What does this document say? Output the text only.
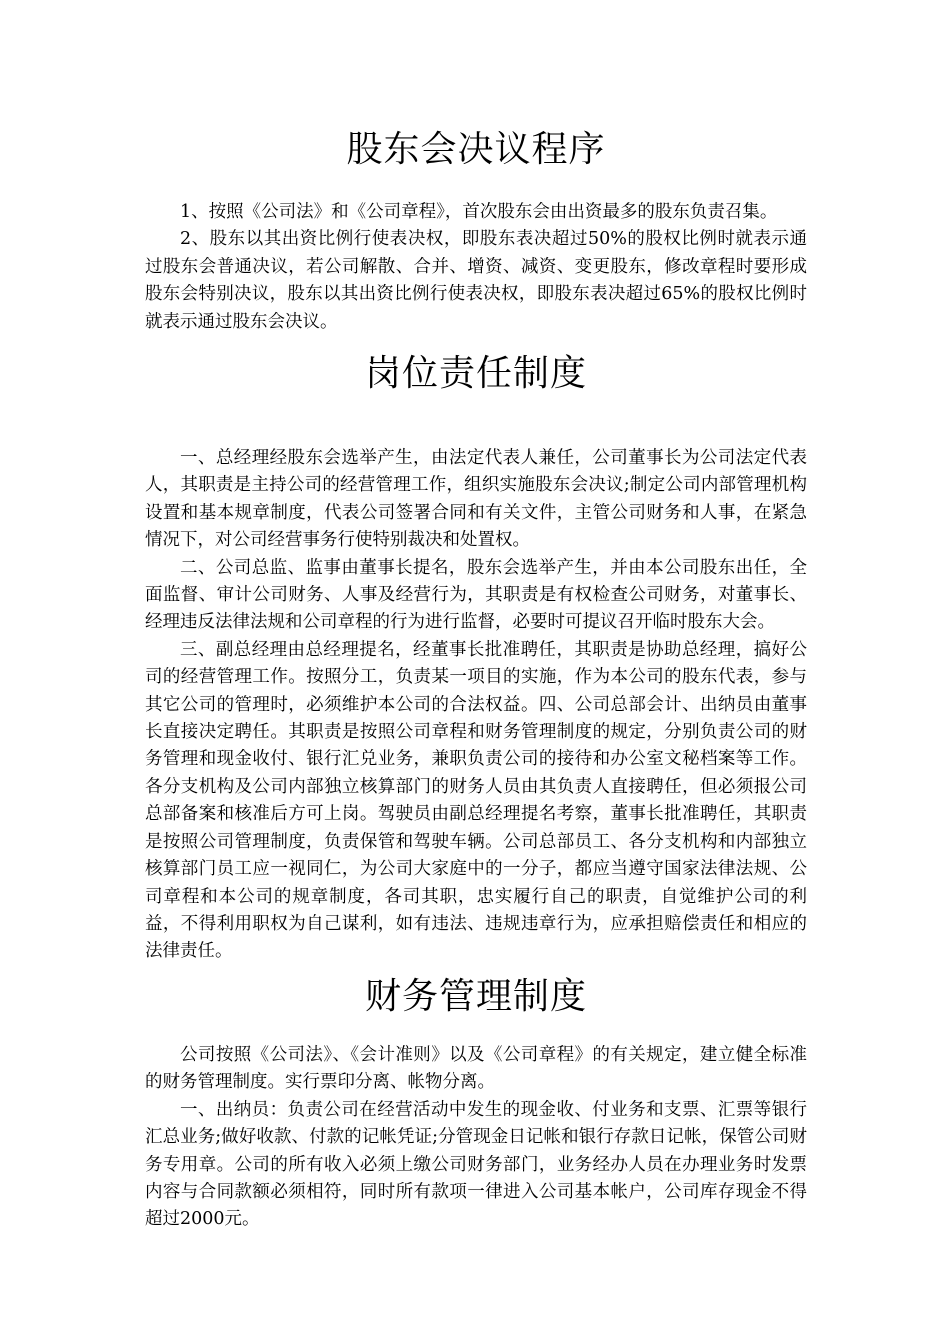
股东会决议程序

1、按照《公司法》和《公司章程》，首次股东会由出资最多的股东负责召集。

2、股东以其出资比例行使表决权，即股东表决超过50%的股权比例时就表示通过股东会普通决议，若公司解散、合并、增资、减资、变更股东，修改章程时要形成股东会特别决议，股东以其出资比例行使表决权，即股东表决超过65%的股权比例时就表示通过股东会决议。

岗位责任制度

一、总经理经股东会选举产生，由法定代表人兼任，公司董事长为公司法定代表人，其职责是主持公司的经营管理工作，组织实施股东会决议;制定公司内部管理机构设置和基本规章制度，代表公司签署合同和有关文件，主管公司财务和人事，在紧急情况下，对公司经营事务行使特别裁决和处置权。

二、公司总监、监事由董事长提名，股东会选举产生，并由本公司股东出任，全面监督、审计公司财务、人事及经营行为，其职责是有权检查公司财务，对董事长、经理违反法律法规和公司章程的行为进行监督，必要时可提议召开临时股东大会。

三、副总经理由总经理提名，经董事长批准聘任，其职责是协助总经理，搞好公司的经营管理工作。按照分工，负责某一项目的实施，作为本公司的股东代表，参与其它公司的管理时，必须维护本公司的合法权益。四、公司总部会计、出纳员由董事长直接决定聘任。其职责是按照公司章程和财务管理制度的规定，分别负责公司的财务管理和现金收付、银行汇兑业务，兼职负责公司的接待和办公室文秘档案等工作。各分支机构及公司内部独立核算部门的财务人员由其负责人直接聘任，但必须报公司总部备案和核准后方可上岗。驾驶员由副总经理提名考察，董事长批准聘任，其职责是按照公司管理制度，负责保管和驾驶车辆。公司总部员工、各分支机构和内部独立核算部门员工应一视同仁，为公司大家庭中的一分子，都应当遵守国家法律法规、公司章程和本公司的规章制度，各司其职，忠实履行自己的职责，自觉维护公司的利益，不得利用职权为自己谋利，如有违法、违规违章行为，应承担赔偿责任和相应的法律责任。

财务管理制度

公司按照《公司法》、《会计准则》以及《公司章程》的有关规定，建立健全标准的财务管理制度。实行票印分离、帐物分离。

一、出纳员：负责公司在经营活动中发生的现金收、付业务和支票、汇票等银行汇总业务;做好收款、付款的记帐凭证;分管现金日记帐和银行存款日记帐，保管公司财务专用章。公司的所有收入必须上缴公司财务部门，业务经办人员在办理业务时发票内容与合同款额必须相符，同时所有款项一律进入公司基本帐户，公司库存现金不得超过2000元。
